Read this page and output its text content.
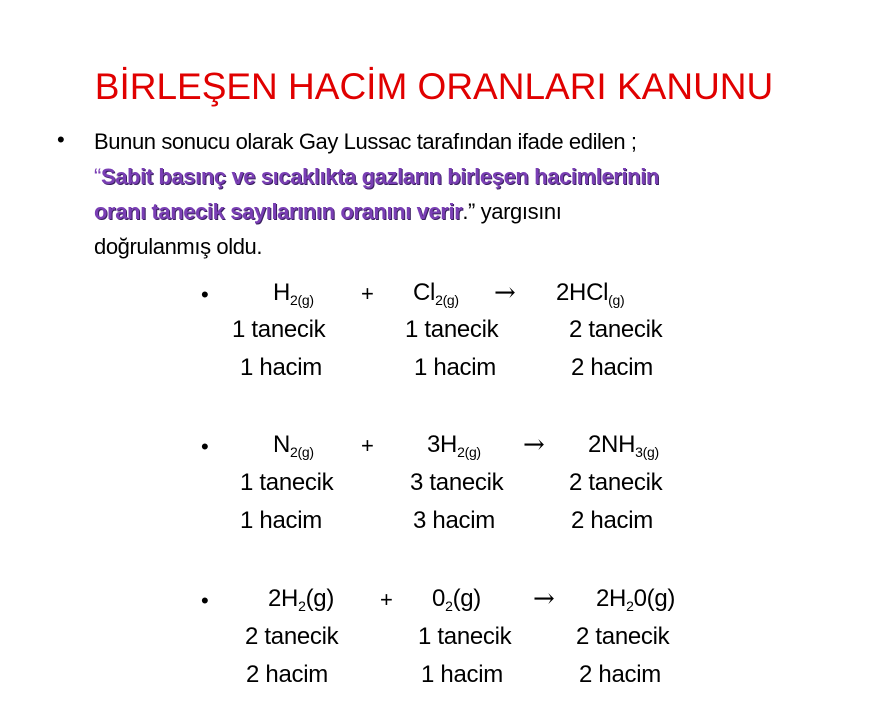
BİRLEŞEN HACİM ORANLARI KANUNU
• Bunun sonucu olarak Gay Lussac tarafından ifade edilen ;
“Sabit basınç ve sıcaklıkta gazların birleşen hacimlerinin
oranı tanecik sayılarının oranını verir.” yargısını
doğrulanmış oldu.
•	$H_{2(g)} + Cl_{2(g)} \to 2HCl_{(g)}$
1 tanecik	1 tanecik	2 tanecik
1 hacim	1 hacim	2 hacim
•	$N_{2(g)} + 3H_{2(g)} \to 2NH_{3(g)}$
1 tanecik	3 tanecik	2 tanecik
1 hacim	3 hacim	2 hacim
• $2H_2(g) + 0_2(g) \to 2H_20(g)$
2 tanecik	1 tanecik	2 tanecik
2 hacim	1 hacim	2 hacim
